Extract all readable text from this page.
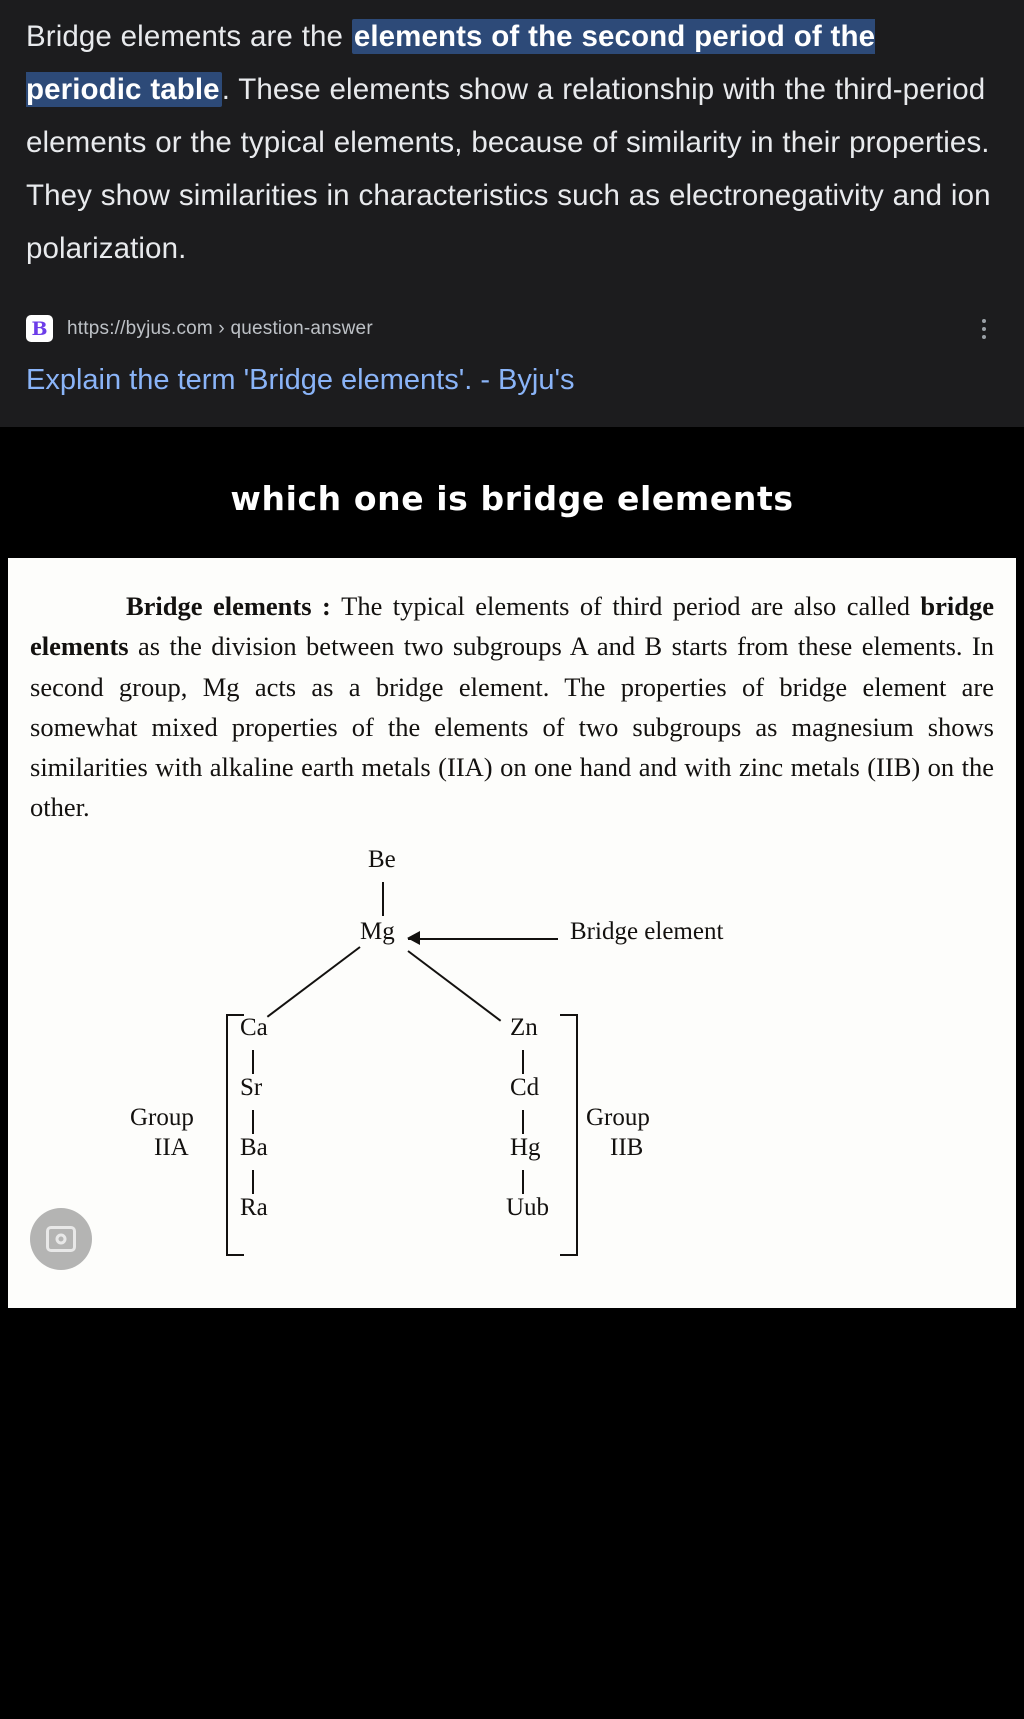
Bridge elements are the elements of the second period of the periodic table. These elements show a relationship with the third-period elements or the typical elements, because of similarity in their properties. They show similarities in characteristics such as electronegativity and ion polarization.

B https://byjus.com › question-answer
Explain the term 'Bridge elements'. - Byju's
which one is bridge elements

Bridge elements : The typical elements of third period are also called bridge elements as the division between two subgroups A and B starts from these elements. In second group, Mg acts as a bridge element. The properties of bridge element are somewhat mixed properties of the elements of two subgroups as magnesium shows similarities with alkaline earth metals (IIA) on one hand and with zinc metals (IIB) on the other.

Be
Mg	Bridge element
Group
IIA
Ca
Sr
Ba
Ra
Zn
Cd
Hg
Uub
Group
IIB
